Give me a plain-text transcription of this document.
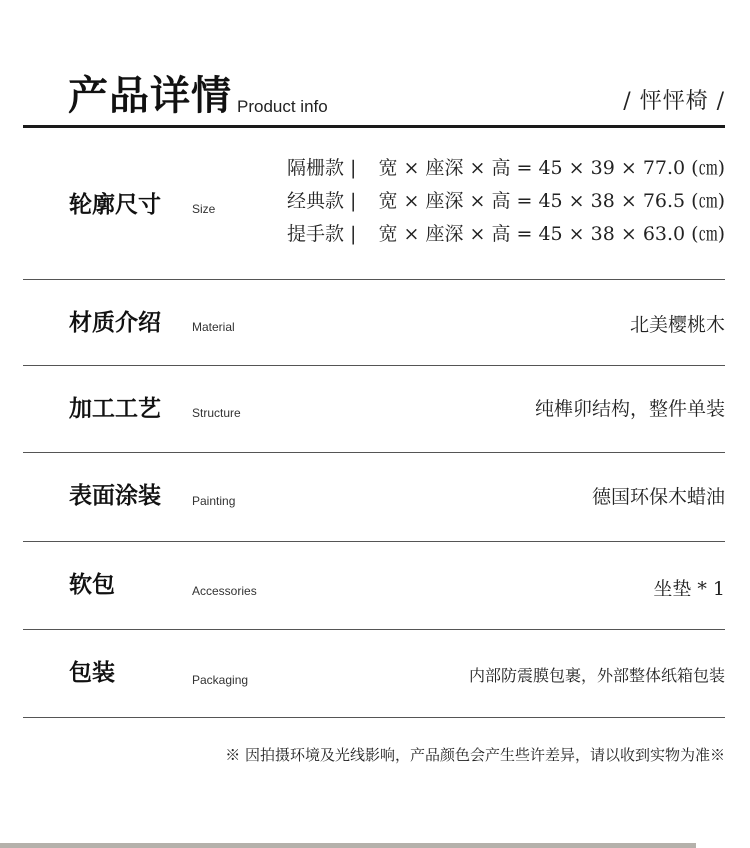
产品详情 Product info	/ 怦怦椅 /
轮廓尺寸	Size
隔栅款 | 宽 × 座深 × 高 = 45 × 39 × 77.0 (㎝)
经典款 | 宽 × 座深 × 高 = 45 × 38 × 76.5 (㎝)
提手款 | 宽 × 座深 × 高 = 45 × 38 × 63.0 (㎝)
材质介绍	Material	北美樱桃木
加工工艺	Structure	纯榫卯结构，整件单装
表面涂装	Painting	德国环保木蜡油
软包	Accessories	坐垫 * 1
包装	Packaging	内部防震膜包裹，外部整体纸箱包装
※ 因拍摄环境及光线影响，产品颜色会产生些许差异，请以收到实物为准※
